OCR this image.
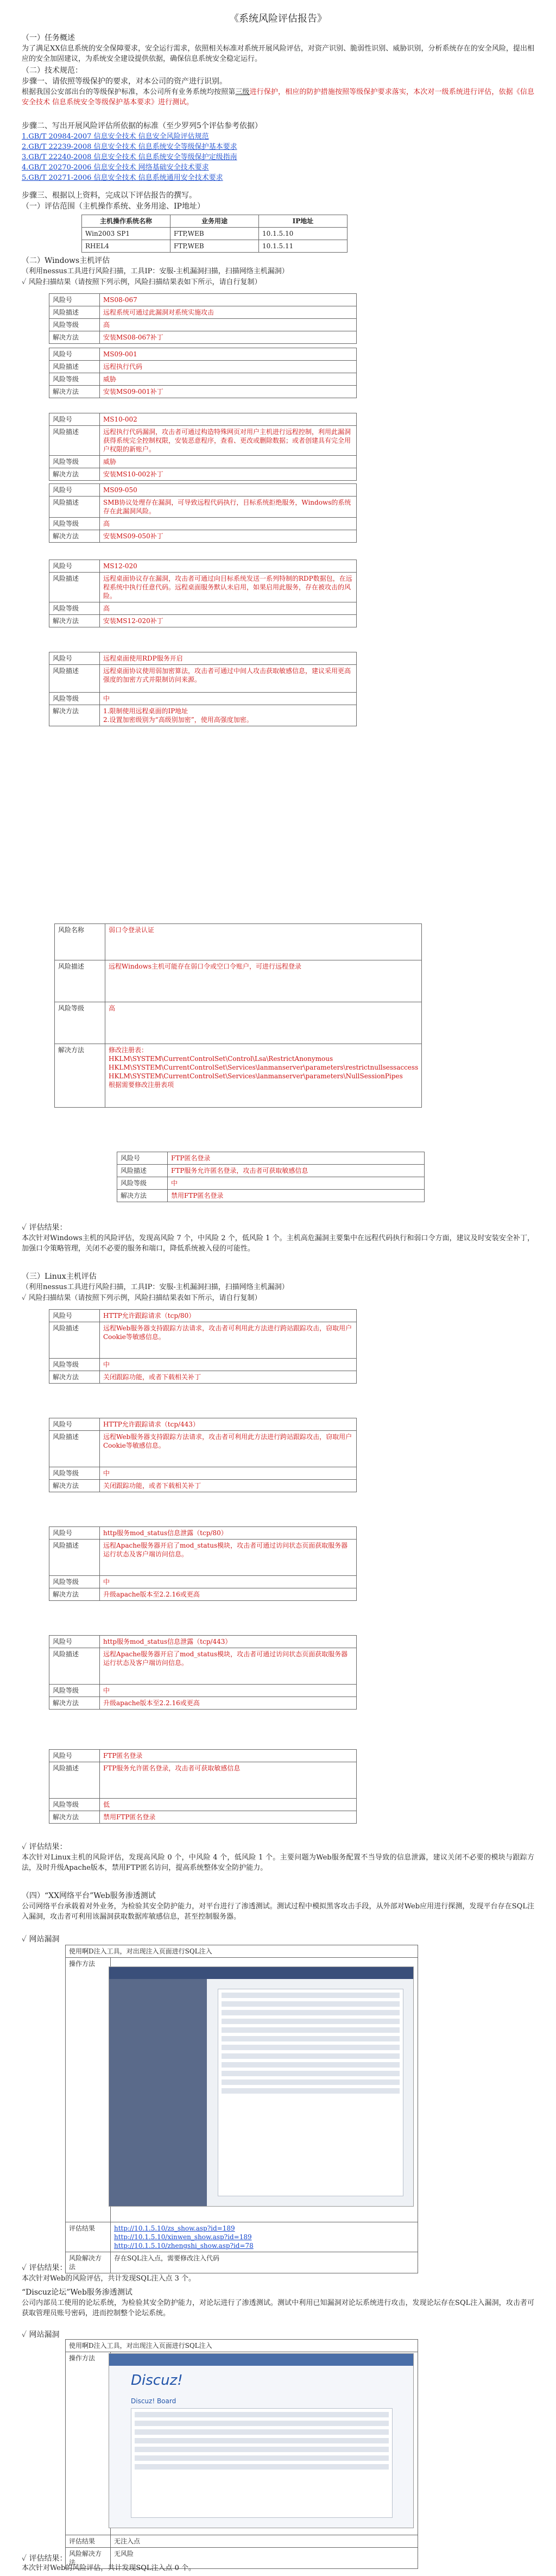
《系统风险评估报告》
（一）任务概述
为了满足XX信息系统的安全保障要求，安全运行需求，依照相关标准对系统开展风险评估，对资产识别、脆弱性识别、威胁识别，分析系统存在的安全风险，提出相应的安全加固建议，为系统安全建设提供依据，确保信息系统安全稳定运行。
（二）技术规范：
步骤一、请依照等级保护的要求，对本公司的资产进行识别。
根据我国公安部出台的等级保护标准，本公司所有业务系统均按照第三级进行保护，相应的防护措施按照等级保护要求落实，本次对一级系统进行评估，依据《信息安全技术 信息系统安全等级保护基本要求》进行测试。
步骤二、写出开展风险评估所依据的标准（至少罗列5个评估参考依据）
1.GB/T 20984-2007 信息安全技术 信息安全风险评估规范
2.GB/T 22239-2008 信息安全技术 信息系统安全等级保护基本要求
3.GB/T 22240-2008 信息安全技术 信息系统安全等级保护定级指南
4.GB/T 20270-2006 信息安全技术 网络基础安全技术要求
5.GB/T 20271-2006 信息安全技术 信息系统通用安全技术要求
步骤三、根据以上资料，完成以下评估报告的撰写。
（一）评估范围（主机操作系统、业务用途、IP地址）
主机操作系统名称	业务用途	IP地址
Win2003 SP1	FTP,WEB	10.1.5.10
RHEL4	FTP,WEB	10.1.5.11
（二）Windows主机评估
（利用nessus工具进行风险扫描，工具IP：安服-主机漏洞扫描，扫描网络主机漏洞）
✓ 风险扫描结果（请按照下列示例，风险扫描结果表如下所示，请自行复制）
风险号	MS08-067
风险描述	远程系统可通过此漏洞对系统实施攻击
风险等级	高
解决方法	安装MS08-067补丁
风险号	MS09-001
风险描述	远程执行代码
风险等级	威胁
解决方法	安装MS09-001补丁
风险号	MS10-002
风险描述	远程执行代码漏洞，攻击者可通过构造特殊网页对用户主机进行远程控制，利用此漏洞获得系统完全控制权限，安装恶意程序，查看、更改或删除数据；或者创建具有完全用户权限的新账户。
风险等级	威胁
解决方法	安装MS10-002补丁
风险号	MS09-050
风险描述	SMB协议处理存在漏洞，可导致远程代码执行，目标系统拒绝服务，Windows的系统存在此漏洞风险。
风险等级	高
解决方法	安装MS09-050补丁
风险号	MS12-020
风险描述	远程桌面协议存在漏洞，攻击者可通过向目标系统发送一系列特制的RDP数据包，在远程系统中执行任意代码。远程桌面服务默认未启用，如果启用此服务，存在被攻击的风险。
风险等级	高
解决方法	安装MS12-020补丁
风险号	远程桌面使用RDP服务开启
风险描述	远程桌面协议使用弱加密算法，攻击者可通过中间人攻击获取敏感信息，建议采用更高强度的加密方式并限制访问来源。
风险等级	中
解决方法	1.限制使用远程桌面的IP地址
2.设置加密级别为“高级别加密”，使用高强度加密。
风险名称	弱口令登录认证
风险描述	远程Windows主机可能存在弱口令或空口令账户，可进行远程登录
风险等级	高
解决方法	修改注册表：
HKLM\SYSTEM\CurrentControlSet\Control\Lsa\RestrictAnonymous
HKLM\SYSTEM\CurrentControlSet\Services\lanmanserver\parameters\restrictnullsessaccess
HKLM\SYSTEM\CurrentControlSet\Services\lanmanserver\parameters\NullSessionPipes
根据需要修改注册表项
风险号	FTP匿名登录
风险描述	FTP服务允许匿名登录，攻击者可获取敏感信息
风险等级	中
解决方法	禁用FTP匿名登录
✓ 评估结果：
本次针对Windows主机的风险评估，发现高风险 7 个，中风险 2 个，低风险 1 个。主机高危漏洞主要集中在远程代码执行和弱口令方面，建议及时安装安全补丁，加强口令策略管理，关闭不必要的服务和端口，降低系统被入侵的可能性。
（三）Linux主机评估
（利用nessus工具进行风险扫描，工具IP：安服-主机漏洞扫描，扫描网络主机漏洞）
✓ 风险扫描结果（请按照下列示例，风险扫描结果表如下所示，请自行复制）
风险号	HTTP允许跟踪请求（tcp/80）
风险描述	远程Web服务器支持跟踪方法请求，攻击者可利用此方法进行跨站跟踪攻击，窃取用户Cookie等敏感信息。
风险等级	中
解决方法	关闭跟踪功能，或者下载相关补丁
风险号	HTTP允许跟踪请求（tcp/443）
风险描述	远程Web服务器支持跟踪方法请求，攻击者可利用此方法进行跨站跟踪攻击，窃取用户Cookie等敏感信息。
风险等级	中
解决方法	关闭跟踪功能，或者下载相关补丁
风险号	http服务mod_status信息泄露（tcp/80）
风险描述	远程Apache服务器开启了mod_status模块，攻击者可通过访问状态页面获取服务器运行状态及客户端访问信息。
风险等级	中
解决方法	升级apache版本至2.2.16或更高
风险号	http服务mod_status信息泄露（tcp/443）
风险描述	远程Apache服务器开启了mod_status模块，攻击者可通过访问状态页面获取服务器运行状态及客户端访问信息。
风险等级	中
解决方法	升级apache版本至2.2.16或更高
风险号	FTP匿名登录
风险描述	FTP服务允许匿名登录，攻击者可获取敏感信息
风险等级	低
解决方法	禁用FTP匿名登录
✓ 评估结果：
本次针对Linux主机的风险评估，发现高风险 0 个，中风险 4 个，低风险 1 个。主要问题为Web服务配置不当导致的信息泄露，建议关闭不必要的模块与跟踪方法，及时升级Apache版本，禁用FTP匿名访问，提高系统整体安全防护能力。
（四）“XX网络平台”Web服务渗透测试
公司网络平台承载着对外业务，为检验其安全防护能力，对平台进行了渗透测试。测试过程中模拟黑客攻击手段，从外部对Web应用进行探测，发现平台存在SQL注入漏洞，攻击者可利用该漏洞获取数据库敏感信息，甚至控制服务器。
✓ 网站漏洞
使用啊D注入工具，对出现注入页面进行SQL注入	
操作方法	
评估结果	http://10.1.5.10/zs_show.asp?id=189
http://10.1.5.10/xinwen_show.asp?id=189
http://10.1.5.10/zhengshi_show.asp?id=78

风险解决方法	存在SQL注入点，需要修改注入代码
✓ 评估结果：
本次针对Web的风险评估，共计发现SQL注入点 3 个。
“Discuz论坛”Web服务渗透测试
公司内部员工使用的论坛系统，为检验其安全防护能力，对论坛进行了渗透测试。测试中利用已知漏洞对论坛系统进行攻击，发现论坛存在SQL注入漏洞，攻击者可获取管理员账号密码，进而控制整个论坛系统。
✓ 网站漏洞
使用啊D注入工具，对出现注入页面进行SQL注入	
操作方法	
评估结果	无注入点
风险解决方法	无风险
Discuz!
Discuz! Board
✓ 评估结果：
本次针对Web的风险评估，共计发现SQL注入点 0 个。
